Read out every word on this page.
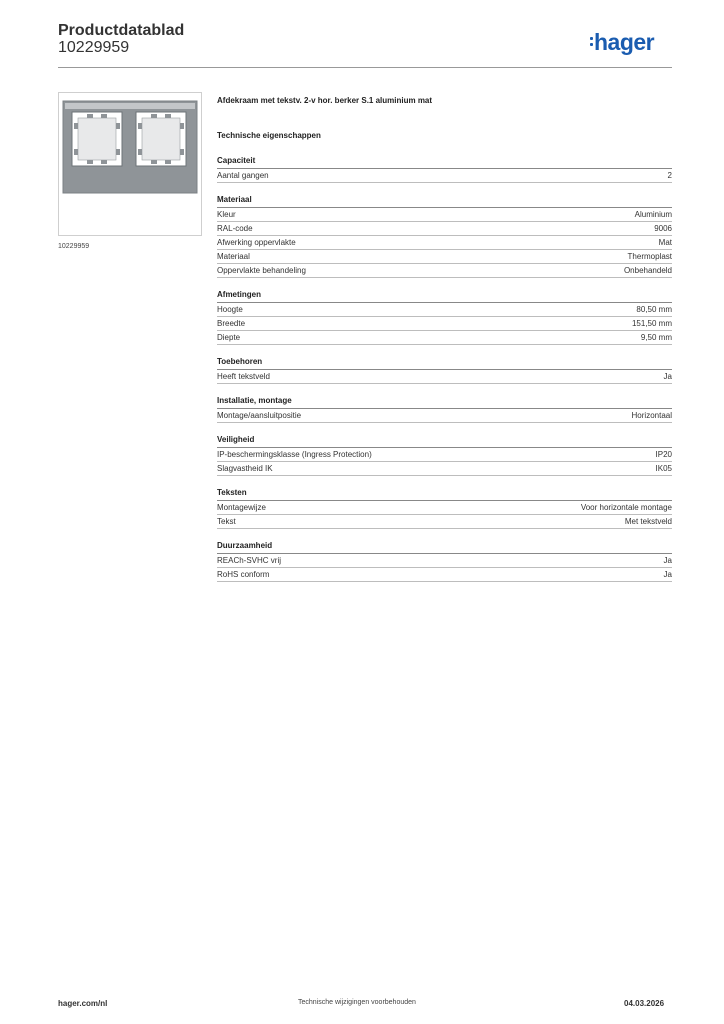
Productdatablad
10229959	hager
10229959
Afdekraam met tekstv. 2-v hor. berker S.1 aluminium mat
Technische eigenschappen
Capaciteit
Aantal gangen	2
Materiaal
Kleur	Aluminium
RAL-code	9006
Afwerking oppervlakte	Mat
Materiaal	Thermoplast
Oppervlakte behandeling	Onbehandeld
Afmetingen
Hoogte	80,50 mm
Breedte	151,50 mm
Diepte	9,50 mm
Toebehoren
Heeft tekstveld	Ja
Installatie, montage
Montage/aansluitpositie	Horizontaal
Veiligheid
IP-beschermingsklasse (Ingress Protection)	IP20
Slagvastheid IK	IK05
Teksten
Montagewijze	Voor horizontale montage
Tekst	Met tekstveld
Duurzaamheid
REACh-SVHC vrij	Ja
RoHS conform	Ja
hager.com/nl	Technische wijzigingen voorbehouden	04.03.2026
